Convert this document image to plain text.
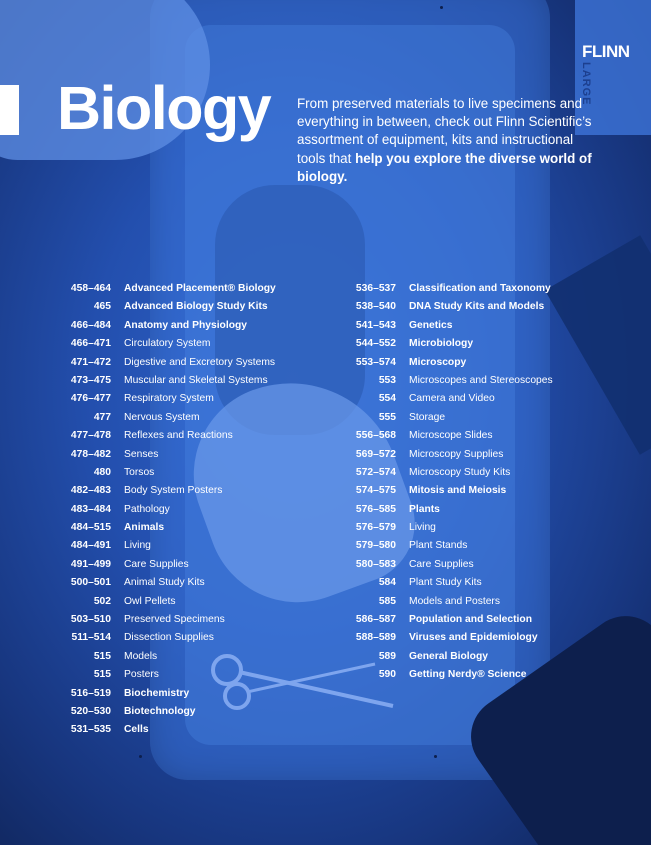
LARGE
FLINN
Biology From preserved materials to live specimens and everything in between, check out Flinn Scientific’s assortment of equipment, kits and instructional tools that help you explore the diverse world of biology.

458–464 Advanced Placement® Biology
465 Advanced Biology Study Kits
466–484 Anatomy and Physiology
466–471 Circulatory System
471–472 Digestive and Excretory Systems
473–475 Muscular and Skeletal Systems
476–477 Respiratory System
477 Nervous System
477–478 Reflexes and Reactions
478–482 Senses
480 Torsos
482–483 Body System Posters
483–484 Pathology
484–515 Animals
484–491 Living
491–499 Care Supplies
500–501 Animal Study Kits
502 Owl Pellets
503–510 Preserved Specimens
511–514 Dissection Supplies
515 Models
515 Posters
516–519 Biochemistry
520–530 Biotechnology
531–535 Cells
536–537 Classification and Taxonomy
538–540 DNA Study Kits and Models
541–543 Genetics
544–552 Microbiology
553–574 Microscopy
553 Microscopes and Stereoscopes
554 Camera and Video
555 Storage
556–568 Microscope Slides
569–572 Microscopy Supplies
572–574 Microscopy Study Kits
574–575 Mitosis and Meiosis
576–585 Plants
576–579 Living
579–580 Plant Stands
580–583 Care Supplies
584 Plant Study Kits
585 Models and Posters
586–587 Population and Selection
588–589 Viruses and Epidemiology
589 General Biology
590 Getting Nerdy® Science
